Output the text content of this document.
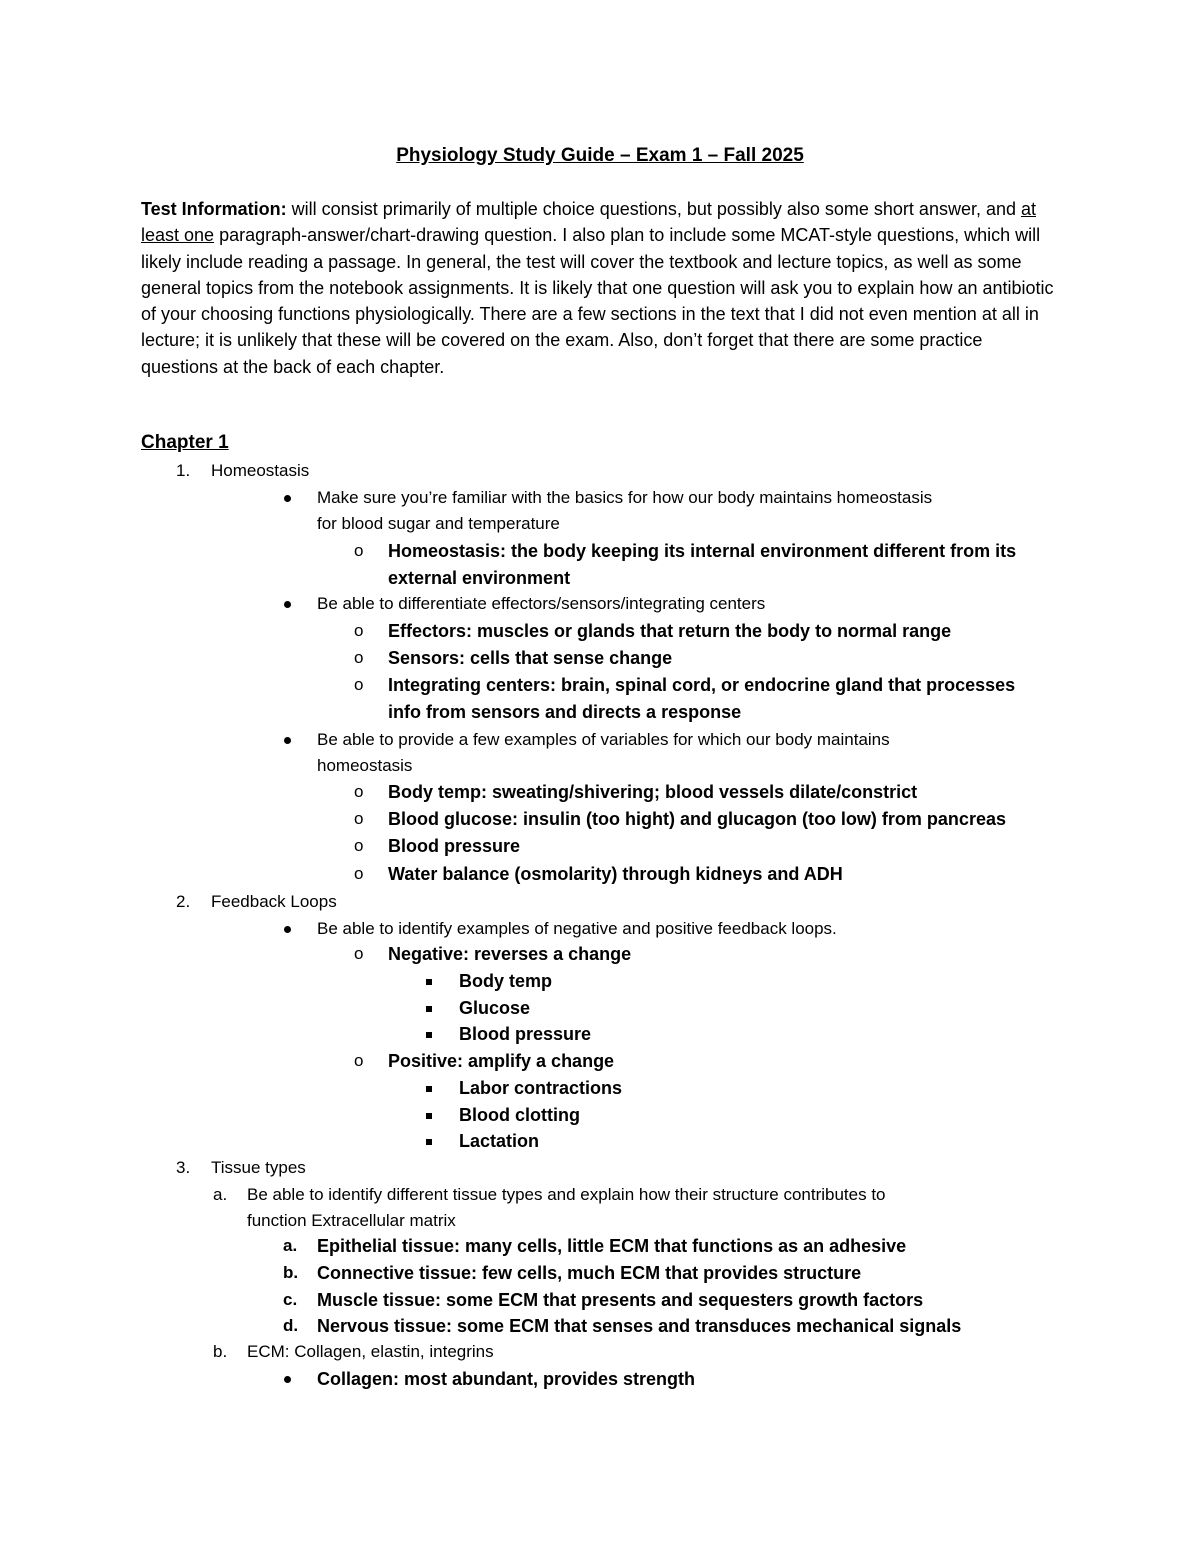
Physiology Study Guide – Exam 1 – Fall 2025
Test Information: will consist primarily of multiple choice questions, but possibly also some short answer, and at least one paragraph-answer/chart-drawing question. I also plan to include some MCAT-style questions, which will likely include reading a passage. In general, the test will cover the textbook and lecture topics, as well as some general topics from the notebook assignments. It is likely that one question will ask you to explain how an antibiotic of your choosing functions physiologically. There are a few sections in the text that I did not even mention at all in lecture; it is unlikely that these will be covered on the exam. Also, don’t forget that there are some practice questions at the back of each chapter.
Chapter 1
1. Homeostasis
Make sure you’re familiar with the basics for how our body maintains homeostasis
for blood sugar and temperature
o Homeostasis: the body keeping its internal environment different from its
external environment
Be able to differentiate effectors/sensors/integrating centers
o Effectors: muscles or glands that return the body to normal range
o Sensors: cells that sense change
o Integrating centers: brain, spinal cord, or endocrine gland that processes
info from sensors and directs a response
Be able to provide a few examples of variables for which our body maintains
homeostasis
o Body temp: sweating/shivering; blood vessels dilate/constrict
o Blood glucose: insulin (too hight) and glucagon (too low) from pancreas
o Blood pressure
o Water balance (osmolarity) through kidneys and ADH
2. Feedback Loops
Be able to identify examples of negative and positive feedback loops.
o Negative: reverses a change
Body temp
Glucose
Blood pressure
o Positive: amplify a change
Labor contractions
Blood clotting
Lactation
3. Tissue types
a. Be able to identify different tissue types and explain how their structure contributes to
function Extracellular matrix
a. Epithelial tissue: many cells, little ECM that functions as an adhesive
b. Connective tissue: few cells, much ECM that provides structure
c. Muscle tissue: some ECM that presents and sequesters growth factors
d. Nervous tissue: some ECM that senses and transduces mechanical signals
b. ECM: Collagen, elastin, integrins
Collagen: most abundant, provides strength
